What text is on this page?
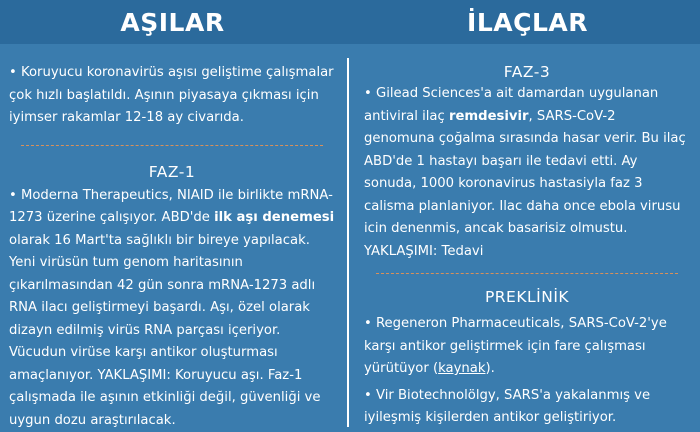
AŞILAR	İLAÇLAR

• Koruyucu koronavirüs aşısı geliştime çalışmalar çok hızlı başlatıldı. Aşının piyasaya çıkması için iyimser rakamlar 12-18 ay civarıda.

FAZ-1

• Moderna Therapeutics, NIAID ile birlikte mRNA-1273 üzerine çalışıyor. ABD'de ilk aşı denemesi olarak 16 Mart'ta sağlıklı bir bireye yapılacak. Yeni virüsün tum genom haritasının çıkarılmasından 42 gün sonra mRNA-1273 adlı RNA ilacı geliştirmeyi başardı. Aşı, özel olarak dizayn edilmiş virüs RNA parçası içeriyor. Vücudun virüse karşı antikor oluşturması amaçlanıyor. YAKLAŞIMI: Koruyucu aşı. Faz-1 çalışmada ile aşının etkinliği değil, güvenliği ve uygun dozu araştırılacak.

FAZ-3

• Gilead Sciences'a ait damardan uygulanan antiviral ilaç remdesivir, SARS-CoV-2 genomuna çoğalma sırasında hasar verir. Bu ilaç ABD'de 1 hastayı başarı ile tedavi etti. Ay sonuda, 1000 koronavirus hastasiyla faz 3 calisma planlaniyor. Ilac daha once ebola virusu icin denenmis, ancak basarisiz olmustu. YAKLAŞIMI: Tedavi

PREKLİNİK

• Regeneron Pharmaceuticals, SARS-CoV-2'ye karşı antikor geliştirmek için fare çalışması yürütüyor (kaynak).

• Vir Biotechnolölgy, SARS'a yakalanmış ve iyileşmiş kişilerden antikor geliştiriyor.
